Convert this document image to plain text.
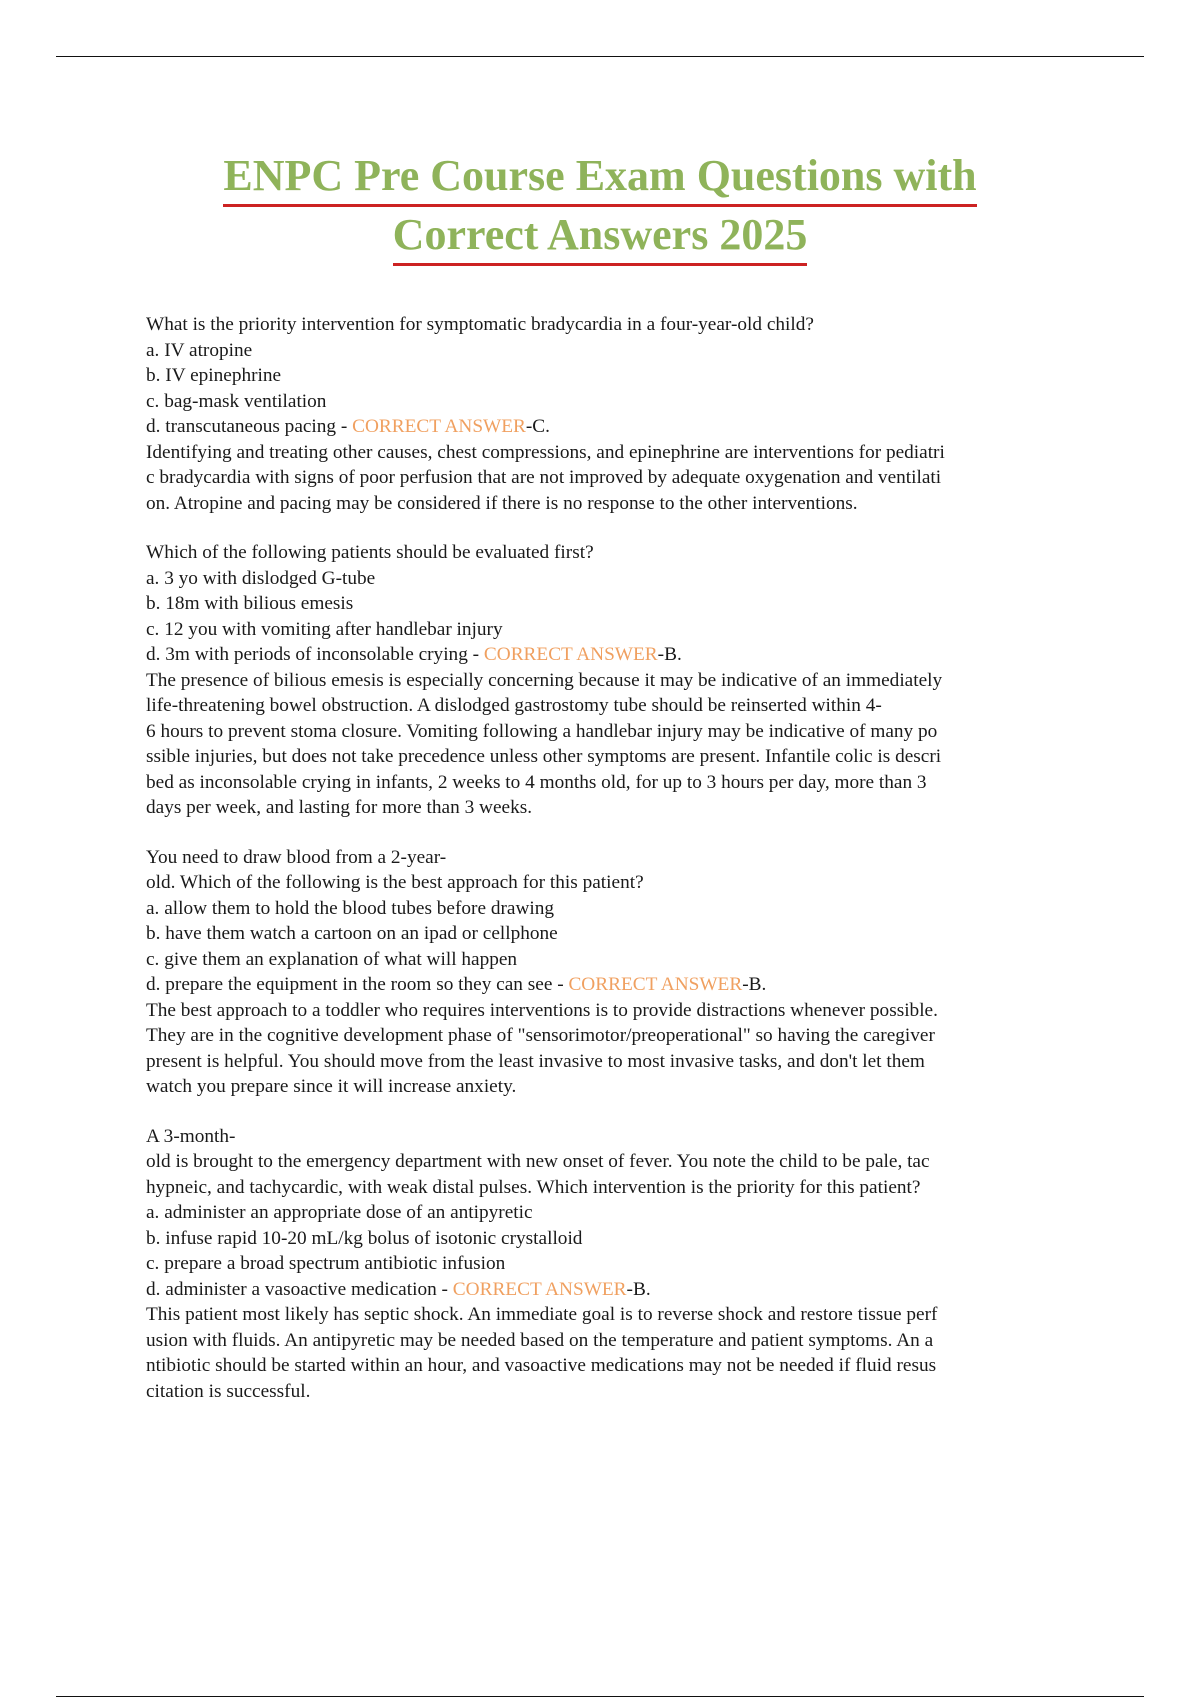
ENPC Pre Course Exam Questions with
Correct Answers 2025
What is the priority intervention for symptomatic bradycardia in a four-year-old child?
a. IV atropine
b. IV epinephrine
c. bag-mask ventilation
d. transcutaneous pacing - CORRECT ANSWER-C.
Identifying and treating other causes, chest compressions, and epinephrine are interventions for pediatri
c bradycardia with signs of poor perfusion that are not improved by adequate oxygenation and ventilati
on. Atropine and pacing may be considered if there is no response to the other interventions.
Which of the following patients should be evaluated first?
a. 3 yo with dislodged G-tube
b. 18m with bilious emesis
c. 12 you with vomiting after handlebar injury
d. 3m with periods of inconsolable crying - CORRECT ANSWER-B.
The presence of bilious emesis is especially concerning because it may be indicative of an immediately
life-threatening bowel obstruction. A dislodged gastrostomy tube should be reinserted within 4-
6 hours to prevent stoma closure. Vomiting following a handlebar injury may be indicative of many po
ssible injuries, but does not take precedence unless other symptoms are present. Infantile colic is descri
bed as inconsolable crying in infants, 2 weeks to 4 months old, for up to 3 hours per day, more than 3
days per week, and lasting for more than 3 weeks.
You need to draw blood from a 2-year-
old. Which of the following is the best approach for this patient?
a. allow them to hold the blood tubes before drawing
b. have them watch a cartoon on an ipad or cellphone
c. give them an explanation of what will happen
d. prepare the equipment in the room so they can see - CORRECT ANSWER-B.
The best approach to a toddler who requires interventions is to provide distractions whenever possible.
They are in the cognitive development phase of "sensorimotor/preoperational" so having the caregiver
present is helpful. You should move from the least invasive to most invasive tasks, and don't let them
watch you prepare since it will increase anxiety.
A 3-month-
old is brought to the emergency department with new onset of fever. You note the child to be pale, tac
hypneic, and tachycardic, with weak distal pulses. Which intervention is the priority for this patient?
a. administer an appropriate dose of an antipyretic
b. infuse rapid 10-20 mL/kg bolus of isotonic crystalloid
c. prepare a broad spectrum antibiotic infusion
d. administer a vasoactive medication - CORRECT ANSWER-B.
This patient most likely has septic shock. An immediate goal is to reverse shock and restore tissue perf
usion with fluids. An antipyretic may be needed based on the temperature and patient symptoms. An a
ntibiotic should be started within an hour, and vasoactive medications may not be needed if fluid resus
citation is successful.
